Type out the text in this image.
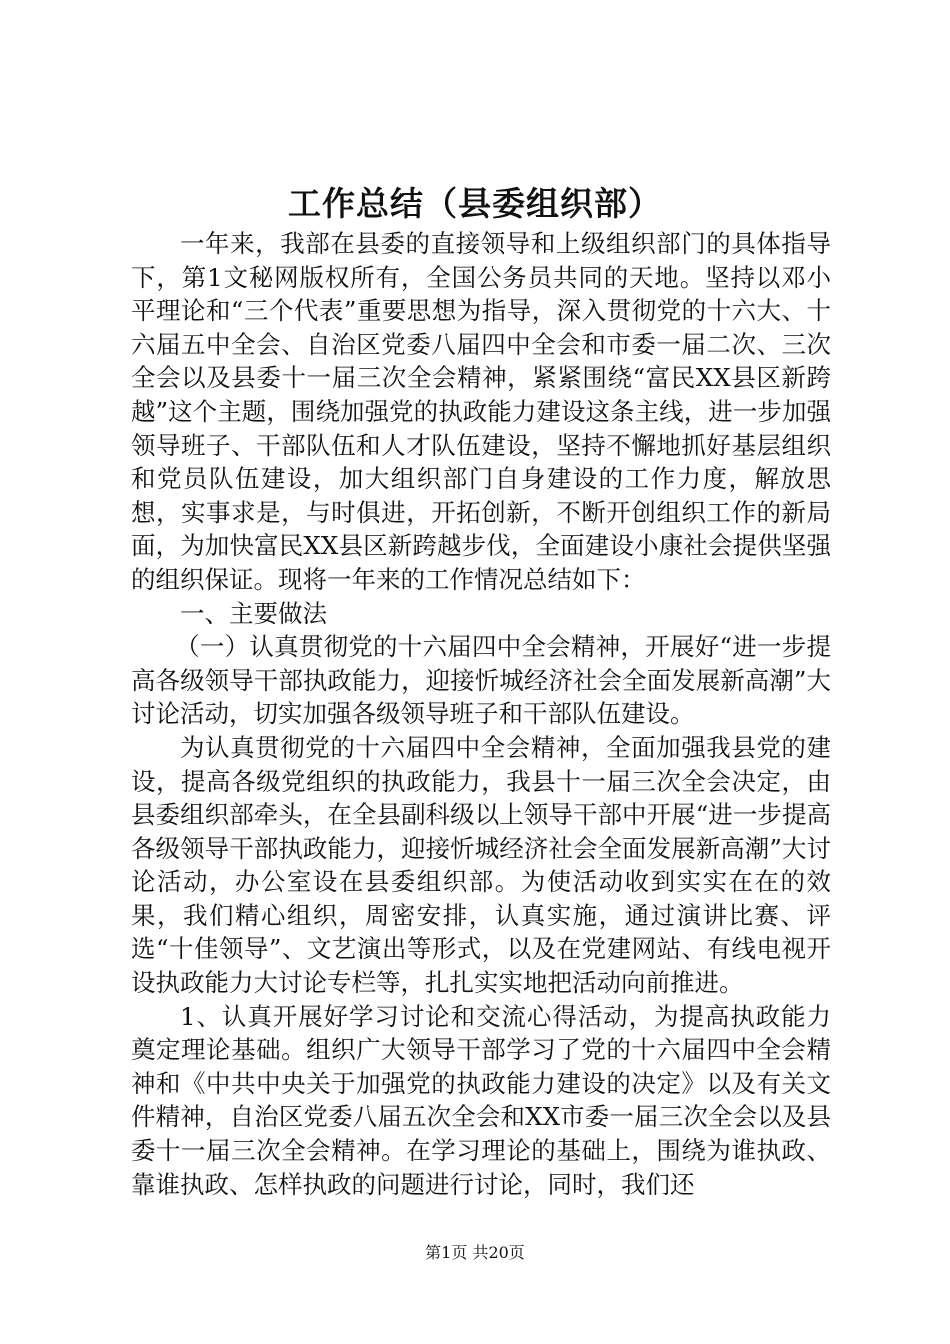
工作总结（县委组织部）

一年来，我部在县委的直接领导和上级组织部门的具体指导下，第1文秘网版权所有，全国公务员共同的天地。坚持以邓小平理论和“三个代表”重要思想为指导，深入贯彻党的十六大、十六届五中全会、自治区党委八届四中全会和市委一届二次、三次全会以及县委十一届三次全会精神，紧紧围绕“富民XX县区新跨越”这个主题，围绕加强党的执政能力建设这条主线，进一步加强领导班子、干部队伍和人才队伍建设，坚持不懈地抓好基层组织和党员队伍建设，加大组织部门自身建设的工作力度，解放思想，实事求是，与时俱进，开拓创新，不断开创组织工作的新局面，为加快富民XX县区新跨越步伐，全面建设小康社会提供坚强的组织保证。现将一年来的工作情况总结如下：

一、主要做法

（一）认真贯彻党的十六届四中全会精神，开展好“进一步提高各级领导干部执政能力，迎接忻城经济社会全面发展新高潮”大讨论活动，切实加强各级领导班子和干部队伍建设。

为认真贯彻党的十六届四中全会精神，全面加强我县党的建设，提高各级党组织的执政能力，我县十一届三次全会决定，由县委组织部牵头，在全县副科级以上领导干部中开展“进一步提高各级领导干部执政能力，迎接忻城经济社会全面发展新高潮”大讨论活动，办公室设在县委组织部。为使活动收到实实在在的效果，我们精心组织，周密安排，认真实施，通过演讲比赛、评选“十佳领导”、文艺演出等形式，以及在党建网站、有线电视开设执政能力大讨论专栏等，扎扎实实地把活动向前推进。

1、认真开展好学习讨论和交流心得活动，为提高执政能力奠定理论基础。组织广大领导干部学习了党的十六届四中全会精神和《中共中央关于加强党的执政能力建设的决定》以及有关文件精神，自治区党委八届五次全会和XX市委一届三次全会以及县委十一届三次全会精神。在学习理论的基础上，围绕为谁执政、靠谁执政、怎样执政的问题进行讨论，同时，我们还

第1页 共20页
